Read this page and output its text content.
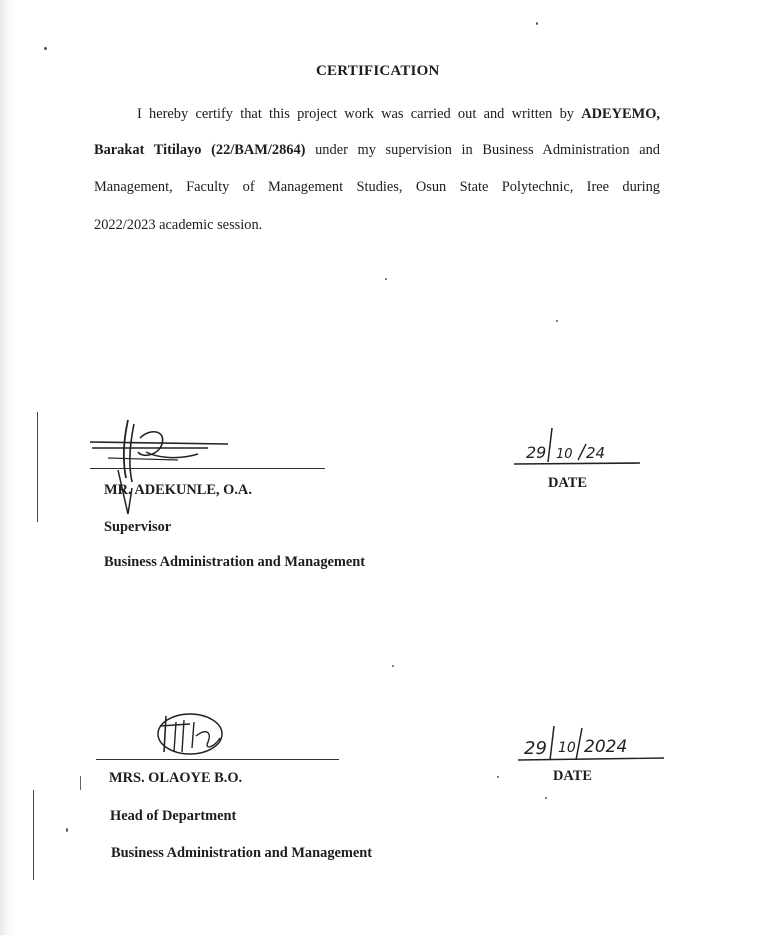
CERTIFICATION
I hereby certify that this project work was carried out and written by ADEYEMO,
Barakat Titilayo (22/BAM/2864) under my supervision in Business Administration and
Management, Faculty of Management Studies, Osun State Polytechnic, Iree during
2022/2023 academic session.
MR. ADEKUNLE, O.A.
Supervisor
Business Administration and Management
29 10 24
DATE
MRS. OLAOYE B.O.
Head of Department
Business Administration and Management
29 10 2024
DATE
